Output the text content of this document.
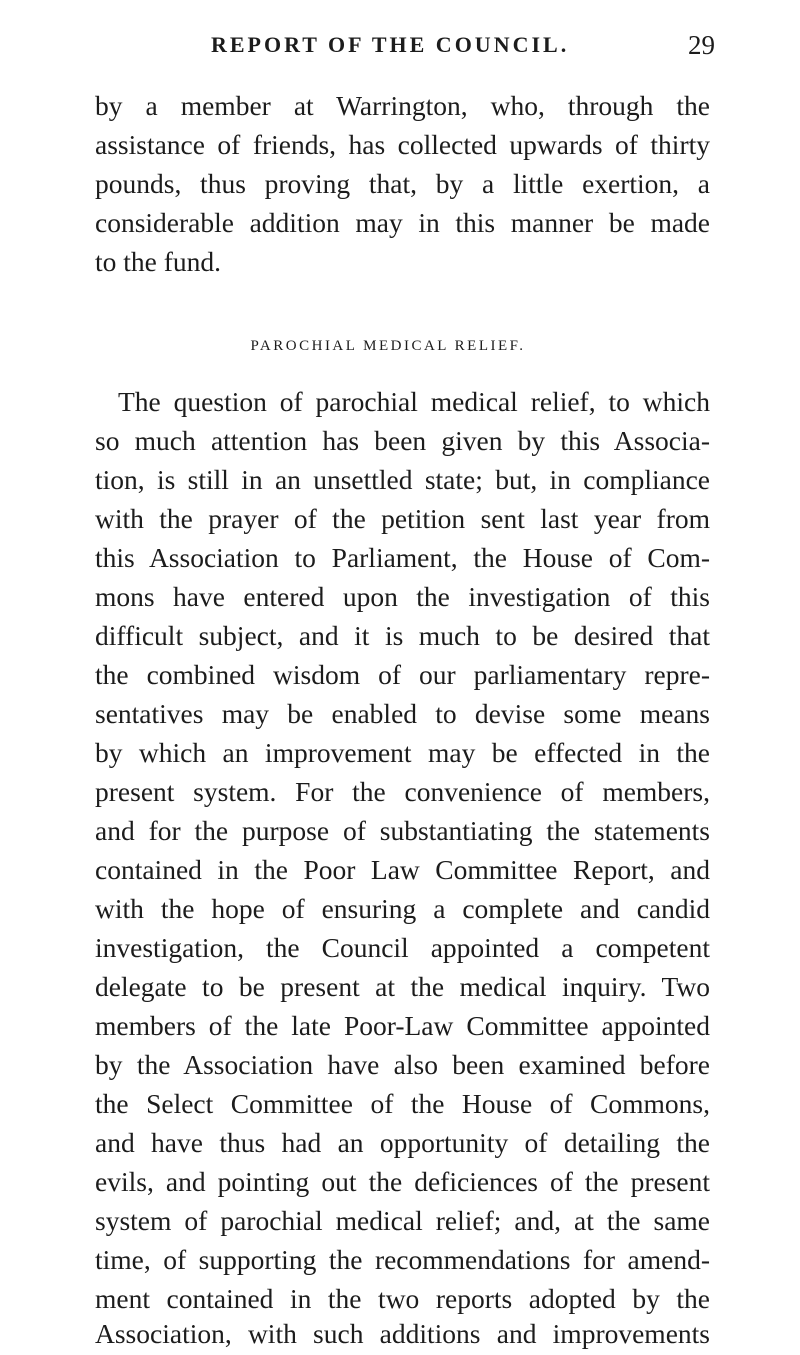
REPORT OF THE COUNCIL.	29
by a member at Warrington, who, through the
assistance of friends, has collected upwards of thirty
pounds, thus proving that, by a little exertion, a
considerable addition may in this manner be made
to the fund.
PAROCHIAL MEDICAL RELIEF.
The question of parochial medical relief, to which
so much attention has been given by this Associa-
tion, is still in an unsettled state; but, in compliance
with the prayer of the petition sent last year from
this Association to Parliament, the House of Com-
mons have entered upon the investigation of this
difficult subject, and it is much to be desired that
the combined wisdom of our parliamentary repre-
sentatives may be enabled to devise some means
by which an improvement may be effected in the
present system. For the convenience of members,
and for the purpose of substantiating the statements
contained in the Poor Law Committee Report, and
with the hope of ensuring a complete and candid
investigation, the Council appointed a competent
delegate to be present at the medical inquiry. Two
members of the late Poor-Law Committee appointed
by the Association have also been examined before
the Select Committee of the House of Commons,
and have thus had an opportunity of detailing the
evils, and pointing out the deficiences of the present
system of parochial medical relief; and, at the same
time, of supporting the recommendations for amend-
ment contained in the two reports adopted by the
Association, with such additions and improvements
